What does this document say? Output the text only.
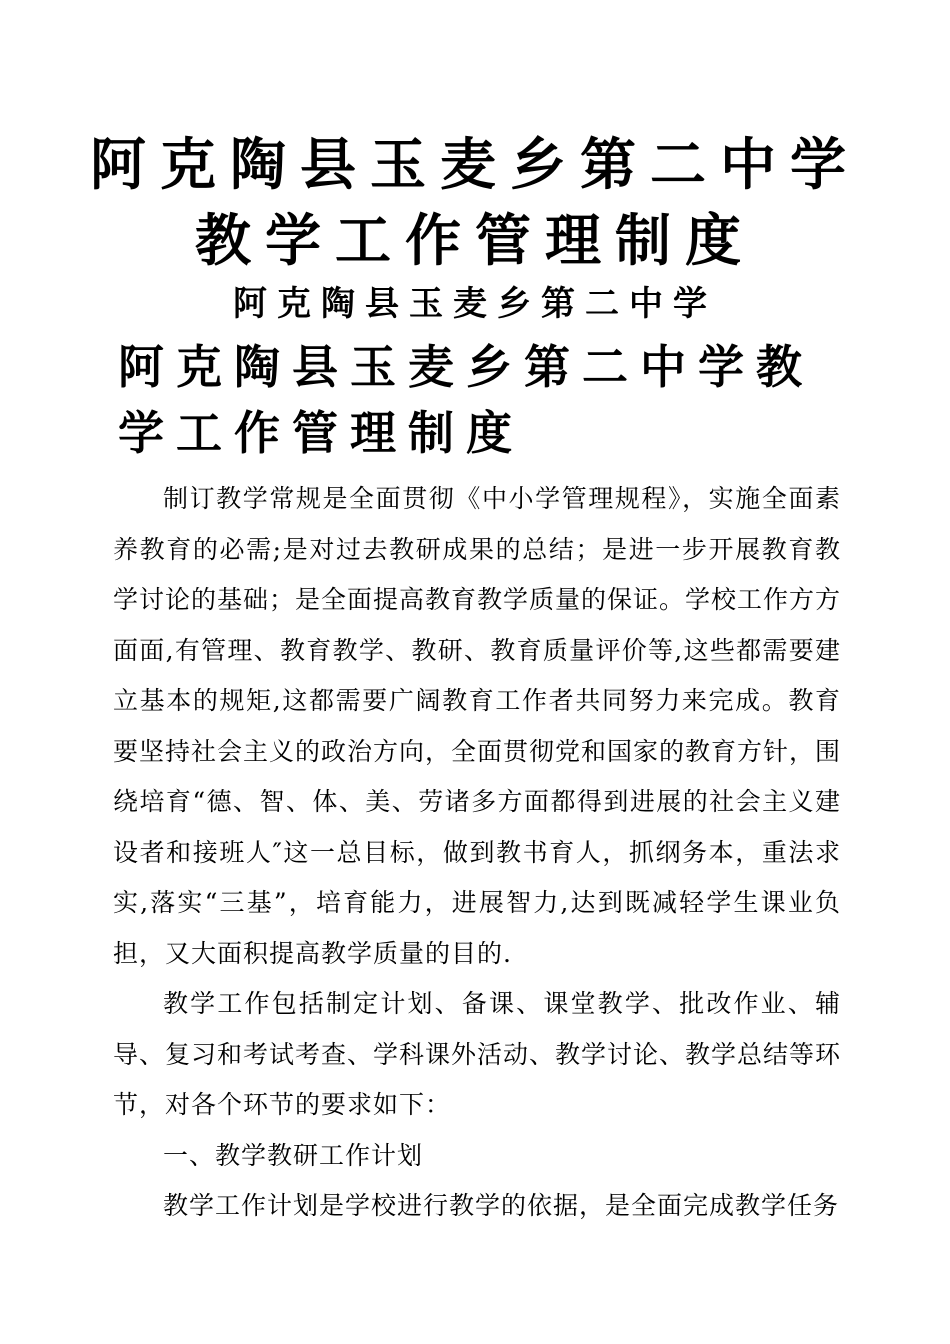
阿克陶县玉麦乡第二中学
教学工作管理制度
阿克陶县玉麦乡第二中学
阿克陶县玉麦乡第二中学教学工作管理制度

制订教学常规是全面贯彻《中小学管理规程》，实施全面素养教育的必需;是对过去教研成果的总结；是进一步开展教育教学讨论的基础；是全面提高教育教学质量的保证。学校工作方方面面,有管理、教育教学、教研、教育质量评价等,这些都需要建立基本的规矩,这都需要广阔教育工作者共同努力来完成。教育要坚持社会主义的政治方向，全面贯彻党和国家的教育方针，围绕培育“德、智、体、美、劳诸多方面都得到进展的社会主义建设者和接班人″这一总目标，做到教书育人，抓纲务本，重法求实,落实“三基”，培育能力，进展智力,达到既减轻学生课业负担，又大面积提高教学质量的目的.

教学工作包括制定计划、备课、课堂教学、批改作业、辅导、复习和考试考查、学科课外活动、教学讨论、教学总结等环节，对各个环节的要求如下：

一、教学教研工作计划

教学工作计划是学校进行教学的依据，是全面完成教学任务
